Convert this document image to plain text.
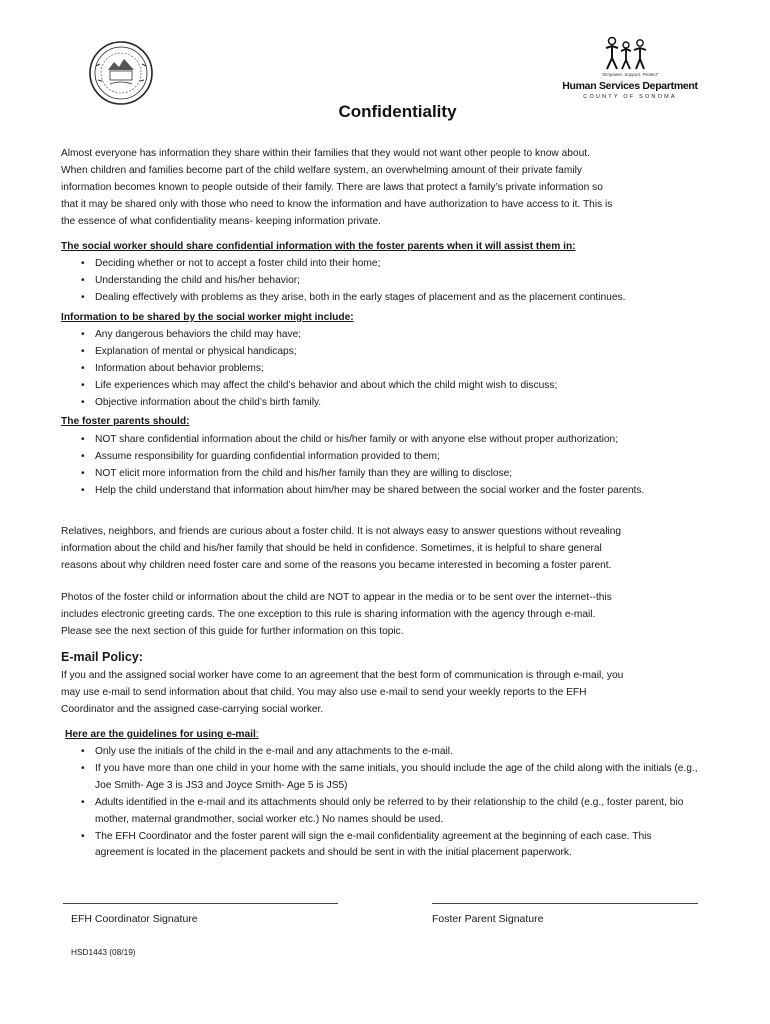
"Empower. Support. Protect"
Human Services Department
COUNTY OF SONOMA
Confidentiality
Almost everyone has information they share within their families that they would not want other people to know about.
When children and families become part of the child welfare system, an overwhelming amount of their private family
information becomes known to people outside of their family. There are laws that protect a family’s private information so
that it may be shared only with those who need to know the information and have authorization to have access to it. This is
the essence of what confidentiality means- keeping information private.
The social worker should share confidential information with the foster parents when it will assist them in:
• Deciding whether or not to accept a foster child into their home;
• Understanding the child and his/her behavior;
• Dealing effectively with problems as they arise, both in the early stages of placement and as the placement continues.
Information to be shared by the social worker might include:
• Any dangerous behaviors the child may have;
• Explanation of mental or physical handicaps;
• Information about behavior problems;
• Life experiences which may affect the child’s behavior and about which the child might wish to discuss;
• Objective information about the child’s birth family.
The foster parents should:
• NOT share confidential information about the child or his/her family or with anyone else without proper authorization;
• Assume responsibility for guarding confidential information provided to them;
• NOT elicit more information from the child and his/her family than they are willing to disclose;
• Help the child understand that information about him/her may be shared between the social worker and the foster parents.
Relatives, neighbors, and friends are curious about a foster child. It is not always easy to answer questions without revealing
information about the child and his/her family that should be held in confidence. Sometimes, it is helpful to share general
reasons about why children need foster care and some of the reasons you became interested in becoming a foster parent.
Photos of the foster child or information about the child are NOT to appear in the media or to be sent over the internet--this
includes electronic greeting cards. The one exception to this rule is sharing information with the agency through e-mail.
Please see the next section of this guide for further information on this topic.
E-mail Policy:
If you and the assigned social worker have come to an agreement that the best form of communication is through e-mail, you
may use e-mail to send information about that child. You may also use e-mail to send your weekly reports to the EFH
Coordinator and the assigned case-carrying social worker.
Here are the guidelines for using e-mail:
• Only use the initials of the child in the e-mail and any attachments to the e-mail.
• If you have more than one child in your home with the same initials, you should include the age of the child along with the initials (e.g., Joe Smith- Age 3 is JS3 and Joyce Smith- Age 5 is JS5)
• Adults identified in the e-mail and its attachments should only be referred to by their relationship to the child (e.g., foster parent, bio mother, maternal grandmother, social worker etc.) No names should be used.
• The EFH Coordinator and the foster parent will sign the e-mail confidentiality agreement at the beginning of each case. This agreement is located in the placement packets and should be sent in with the initial placement paperwork.
EFH Coordinator Signature	Foster Parent Signature
HSD1443 (08/19)
